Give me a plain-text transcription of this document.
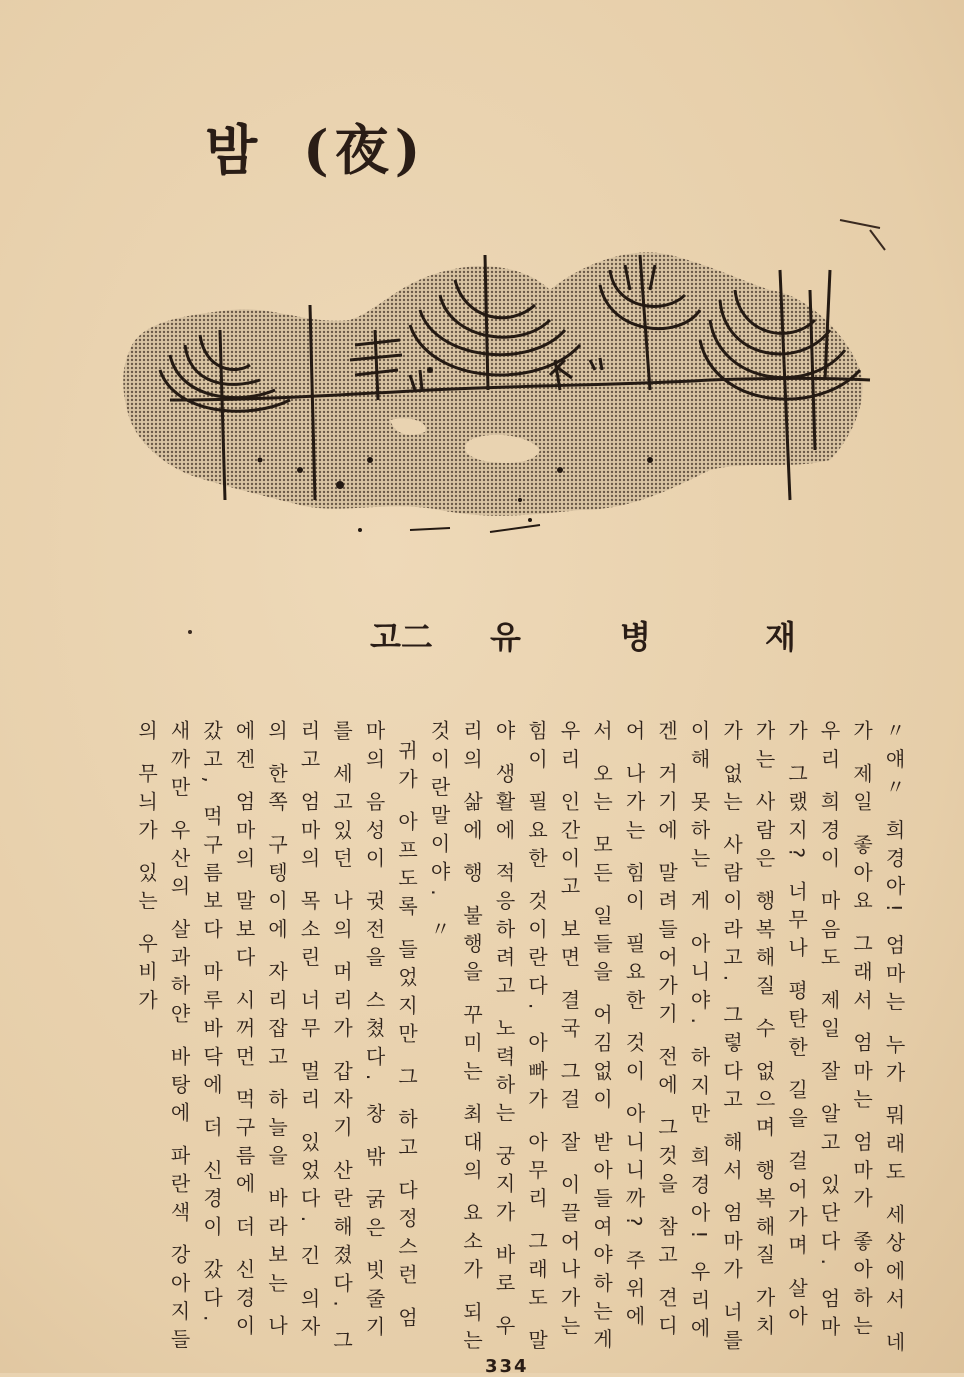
밤 (夜)
고二 유	병	재

〃얘〃 희경아! 엄마는 누가 뭐래도 세상에서 네가 제일 좋아요 그래서 엄마는 엄마가 좋아하는 우리 희경이 마음도 제일 잘 알고 있단다. 엄마가 그랬지? 너무나 평탄한 길을 걸어가며 살아가는 사람은 행복해질 수 없으며 행복해질 가치가 없는 사람이라고. 그렇다고 해서 엄마가 너를 이해 못하는 게 아니야. 하지만 희경아! 우리에겐 거기에 말려들어가기 전에 그것을 참고 견디어 나가는 힘이 필요한 것이 아니니까? 주위에서 오는 모든 일들을 어김없이 받아들여야하는게 우리 인간이고 보면 결국 그걸 잘 이끌어나가는 힘이 필요한 것이란다. 아빠가 아무리 그래도 말야 생활에 적응하려고 노력하는 궁지가 바로 우리의 삶에 행 불행을 꾸미는 최대의 요소가 되는 것이란말이야. 〃

귀가 아프도록 들었지만 그 하고 다정스런 엄마의 음성이 귓전을 스쳤다. 창 밖 굵은 빗줄기를 세고있던 나의 머리가 갑자기 산란해졌다. 그리고 엄마의 목소린 너무 멀리 있었다. 긴 의자의 한쪽 구텡이에 자리잡고 하늘을 바라보는 나에겐 엄마의 말보다 시꺼먼 먹구름에 더 신경이 갔고, 먹구름보다 마루바닥에 더 신경이 갔다. 새까만 우산의 살과하얀 바탕에 파란색 강아지들의 무늬가 있는 우비가

334
